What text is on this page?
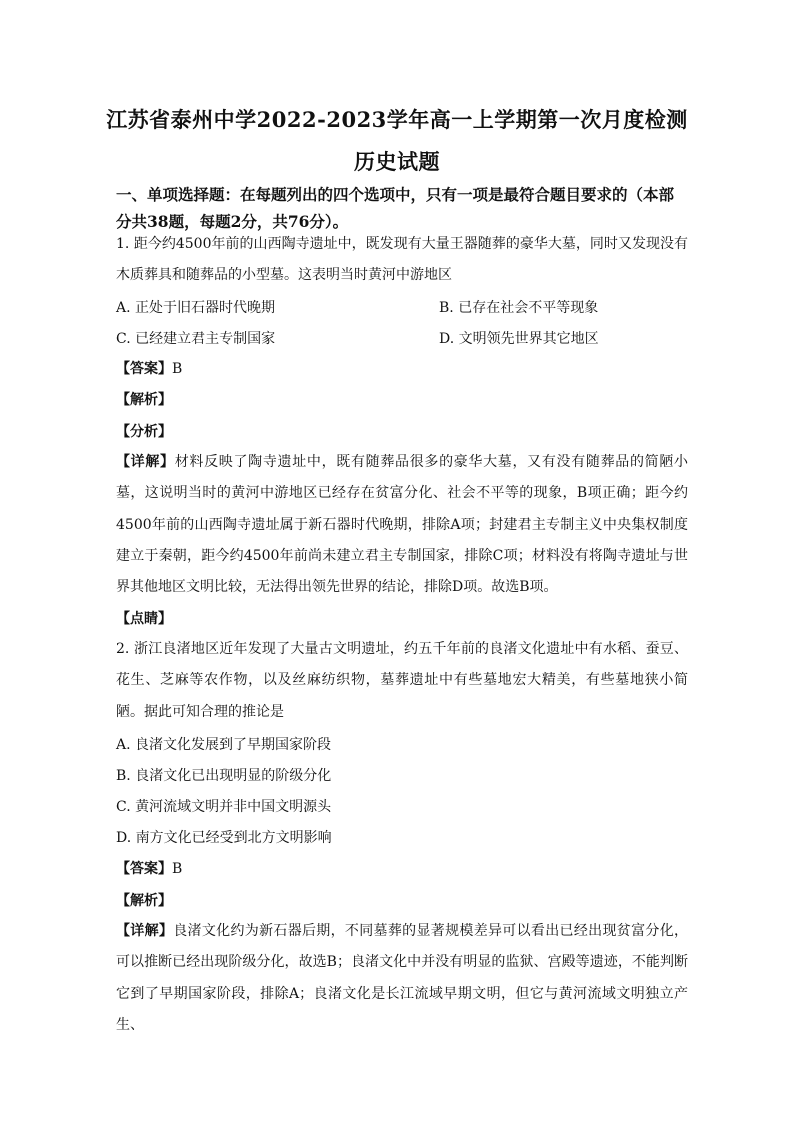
江苏省泰州中学2022-2023学年高一上学期第一次月度检测
历史试题
一、单项选择题：在每题列出的四个选项中，只有一项是最符合题目要求的（本部分共38题，每题2分，共76分）。
1. 距今约4500年前的山西陶寺遗址中，既发现有大量王器随葬的豪华大墓，同时又发现没有木质葬具和随葬品的小型墓。这表明当时黄河中游地区
A. 正处于旧石器时代晚期	B. 已存在社会不平等现象
C. 已经建立君主专制国家	D. 文明领先世界其它地区
【答案】B
【解析】
【分析】
【详解】材料反映了陶寺遗址中，既有随葬品很多的豪华大墓，又有没有随葬品的简陋小墓，这说明当时的黄河中游地区已经存在贫富分化、社会不平等的现象，B项正确；距今约4500年前的山西陶寺遗址属于新石器时代晚期，排除A项；封建君主专制主义中央集权制度建立于秦朝，距今约4500年前尚未建立君主专制国家，排除C项；材料没有将陶寺遗址与世界其他地区文明比较，无法得出领先世界的结论，排除D项。故选B项。
【点睛】
2. 浙江良渚地区近年发现了大量古文明遗址，约五千年前的良渚文化遗址中有水稻、蚕豆、花生、芝麻等农作物，以及丝麻纺织物，墓葬遗址中有些墓地宏大精美，有些墓地狭小简陋。据此可知合理的推论是
A. 良渚文化发展到了早期国家阶段
B. 良渚文化已出现明显的阶级分化
C. 黄河流域文明并非中国文明源头
D. 南方文化已经受到北方文明影响
【答案】B
【解析】
【详解】良渚文化约为新石器后期，不同墓葬的显著规模差异可以看出已经出现贫富分化，可以推断已经出现阶级分化，故选B；良渚文化中并没有明显的监狱、宫殿等遗迹，不能判断它到了早期国家阶段，排除A；良渚文化是长江流域早期文明，但它与黄河流域文明独立产生、
